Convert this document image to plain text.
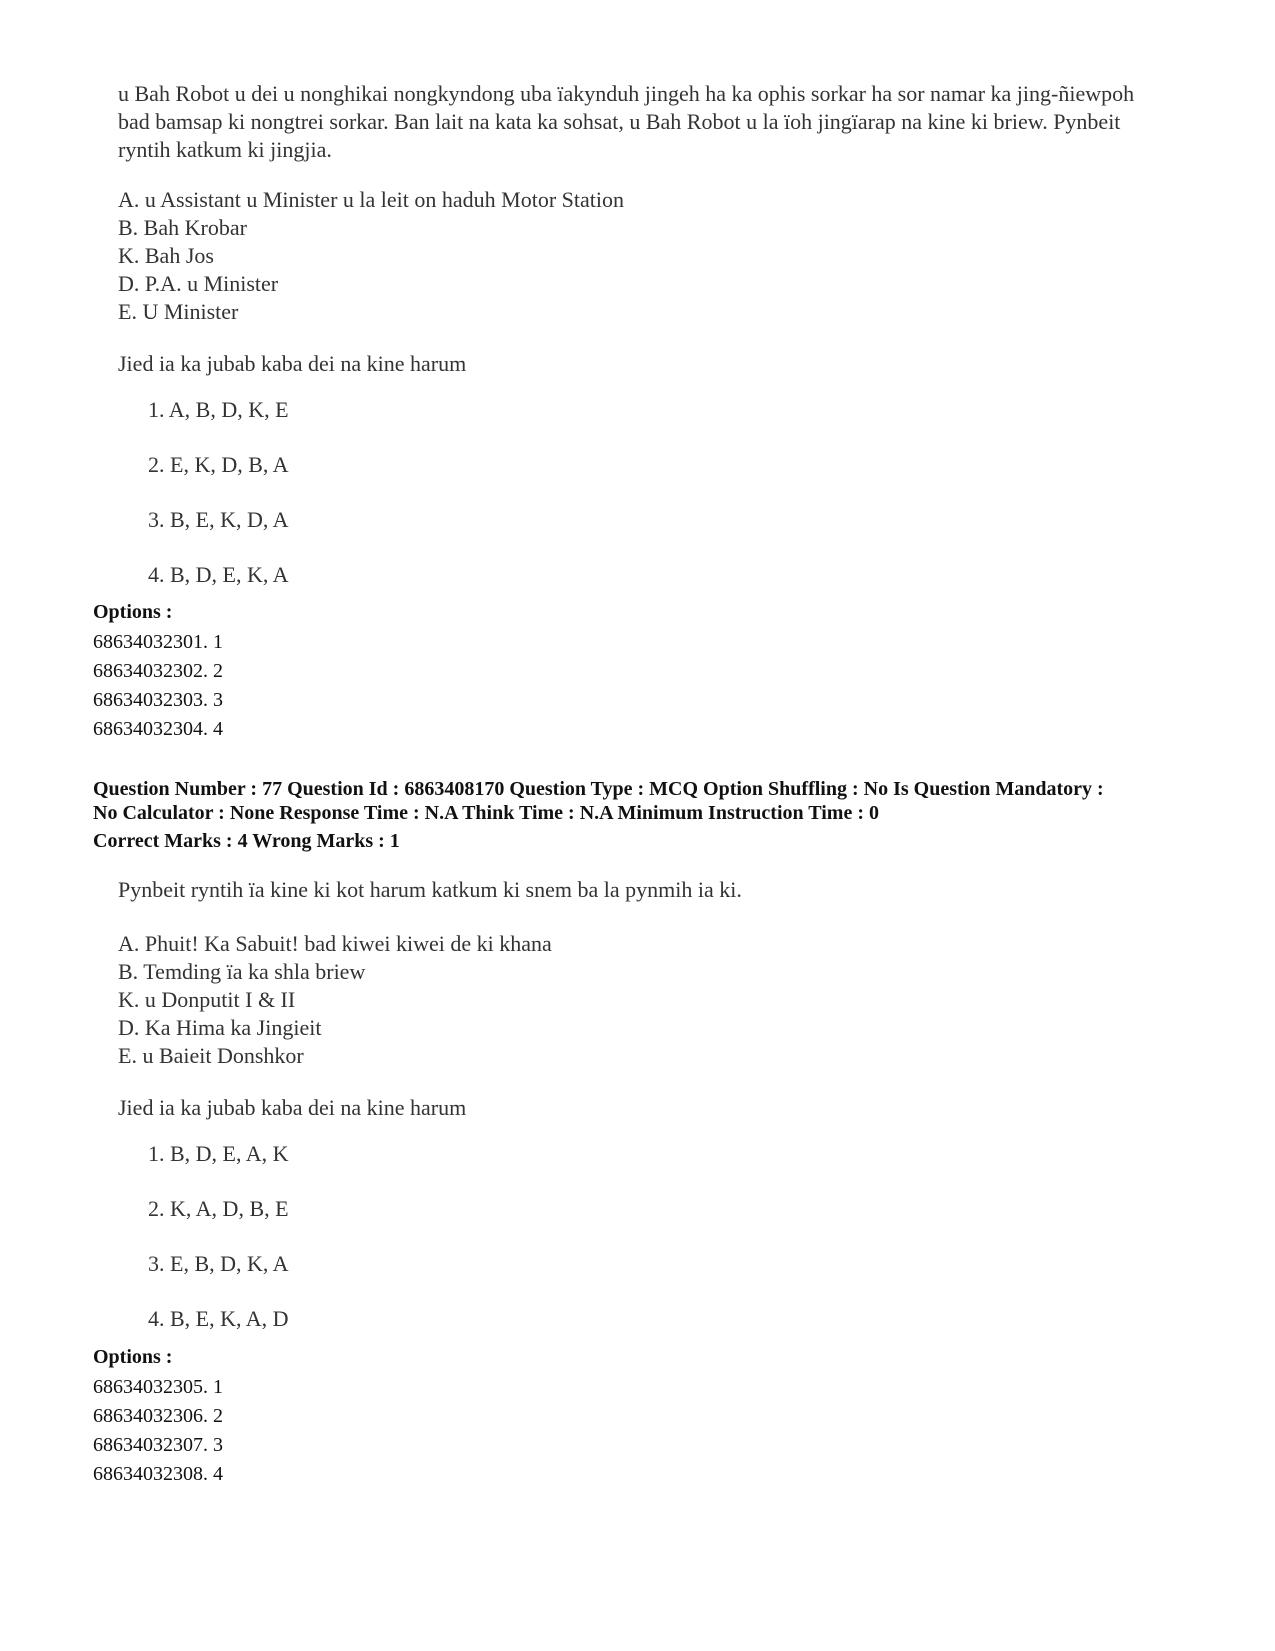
u Bah Robot u dei u nonghikai nongkyndong uba ïakynduh jingeh ha ka ophis sorkar ha sor namar ka jing-ñiewpoh bad bamsap ki nongtrei sorkar. Ban lait na kata ka sohsat, u Bah Robot u la ïoh jingïarap na kine ki briew. Pynbeit ryntih katkum ki jingjia.

A. u Assistant u Minister u la leit on haduh Motor Station
B. Bah Krobar
K. Bah Jos
D. P.A. u Minister
E. U Minister

Jied ia ka jubab kaba dei na kine harum

1. A, B, D, K, E
2. E, K, D, B, A
3. B, E, K, D, A
4. B, D, E, K, A
Options :
68634032301. 1
68634032302. 2
68634032303. 3
68634032304. 4
Question Number : 77 Question Id : 6863408170 Question Type : MCQ Option Shuffling : No Is Question Mandatory :
No Calculator : None Response Time : N.A Think Time : N.A Minimum Instruction Time : 0
Correct Marks : 4 Wrong Marks : 1

Pynbeit ryntih ïa kine ki kot harum katkum ki snem ba la pynmih ia ki.

A. Phuit! Ka Sabuit! bad kiwei kiwei de ki khana
B. Temding ïa ka shla briew
K. u Donputit I & II
D. Ka Hima ka Jingieit
E. u Baieit Donshkor

Jied ia ka jubab kaba dei na kine harum

1. B, D, E, A, K
2. K, A, D, B, E
3. E, B, D, K, A
4. B, E, K, A, D
Options :
68634032305. 1
68634032306. 2
68634032307. 3
68634032308. 4
